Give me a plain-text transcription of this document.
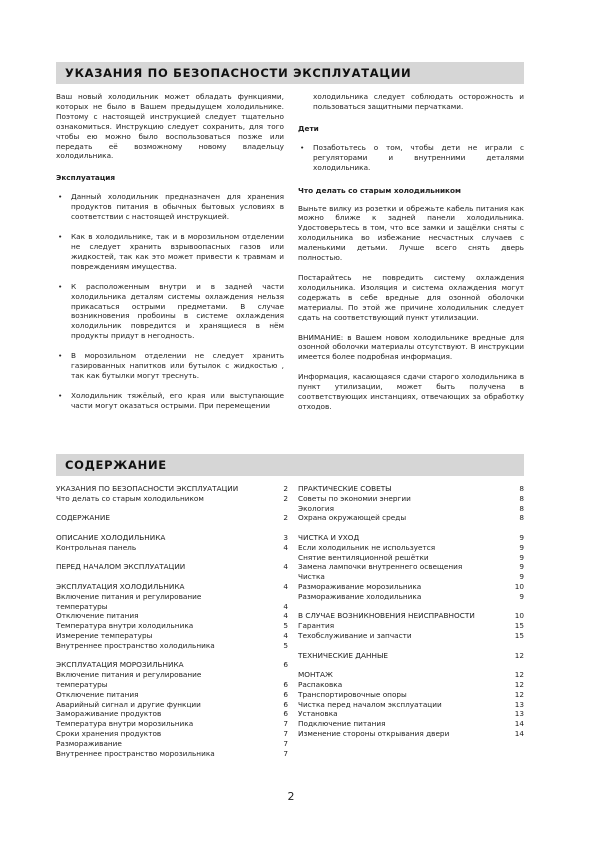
УКАЗАНИЯ ПО БЕЗОПАСНОСТИ ЭКСПЛУАТАЦИИ

Ваш новый холодильник может обладать функциями, которых не было в Вашем предыдущем холодильнике. Поэтому с настоящей инструкцией следует тщательно ознакомиться. Инструкцию следует сохранить, для того чтобы ею можно было воспользоваться позже или передать её возможному новому владельцу холодильника.

Эксплуатация
• Данный холодильник предназначен для хранения продуктов питания в обычных бытовых условиях в соответствии с настоящей инструкцией.
• Как в холодильнике, так и в морозильном отделении не следует хранить взрывоопасных газов или жидкостей, так как это может привести к травмам и повреждениям имущества.
• К расположенным внутри и в задней части холодильника деталям системы охлаждения нельзя прикасаться острыми предметами. В случае возникновения пробоины в системе охлаждения холодильник повредится и хранящиеся в нём продукты придут в негодность.
• В морозильном отделении не следует хранить газированных напитков или бутылок с жидкостью , так как бутылки могут треснуть.
• Холодильник тяжёлый, его края или выступающие части могут оказаться острыми. При перемещении

холодильника следует соблюдать осторожность и пользоваться защитными перчатками.

Дети
• Позаботьтесь о том, чтобы дети не играли с регуляторами и внутренними деталями холодильника.
Что делать со старым холодильником

Выньте вилку из розетки и обрежьте кабель питания как можно ближе к задней панели холодильника. Удостоверьтесь в том, что все замки и защёлки сняты с холодильника во избежание несчастных случаев с маленькими детьми. Лучше всего снять дверь полностью.

Постарайтесь не повредить систему охлаждения холодильника. Изоляция и система охлаждения могут содержать в себе вредные для озонной оболочки материалы. По этой же причине холодильник следует сдать на соответствующий пункт утилизации.

ВНИМАНИЕ: в Вашем новом холодильнике вредные для озонной оболочки материалы отсутствуют. В инструкции имеется более подробная информация.

Информация, касающаяся сдачи старого холодильника в пункт утилизации, может быть получена в соответствующих инстанциях, отвечающих за обработку отходов.

СОДЕРЖАНИЕ
УКАЗАНИЯ ПО БЕЗОПАСНОСТИ ЭКСПЛУАТАЦИИ	2
Что делать со старым холодильником	2
СОДЕРЖАНИЕ	2
ОПИСАНИЕ ХОЛОДИЛЬНИКА	3
Контрольная панель	4
ПЕРЕД НАЧАЛОМ ЭКСПЛУАТАЦИИ	4
ЭКСПЛУАТАЦИЯ ХОЛОДИЛЬНИКА	4
Включение питания и регулирование
температуры	4
Отключение питания	4
Температура внутри холодильника	5
Измерение температуры	4
Внутреннее пространство холодильника	5
ЭКСПЛУАТАЦИЯ МОРОЗИЛЬНИКА	6
Включение питания и регулирование
температуры	6
Отключение питания	6
Аварийный сигнал и другие функции	6
Замораживание продуктов	6
Температура внутри морозильника	7
Сроки хранения продуктов	7
Размораживание	7
Внутреннее пространство морозильника	7
ПРАКТИЧЕСКИЕ СОВЕТЫ	8
Советы по экономии энергии	8
Экология	8
Охрана окружающей среды	8
ЧИСТКА И УХОД	9
Если холодильник не используется	9
Снятие вентиляционной решётки	9
Замена лампочки внутреннего освещения	9
Чистка	9
Размораживание морозильника	10
Размораживание холодильника	9
В СЛУЧАЕ ВОЗНИКНОВЕНИЯ НЕИСПРАВНОСТИ	10
Гарантия	15
Техобслуживание и запчасти	15
ТЕХНИЧЕСКИЕ ДАННЫЕ	12
МОНТАЖ	12
Распаковка	12
Транспортировочные опоры	12
Чистка перед началом эксплуатации	13
Установка	13
Подключение питания	14
Изменение стороны открывания двери	14
2
